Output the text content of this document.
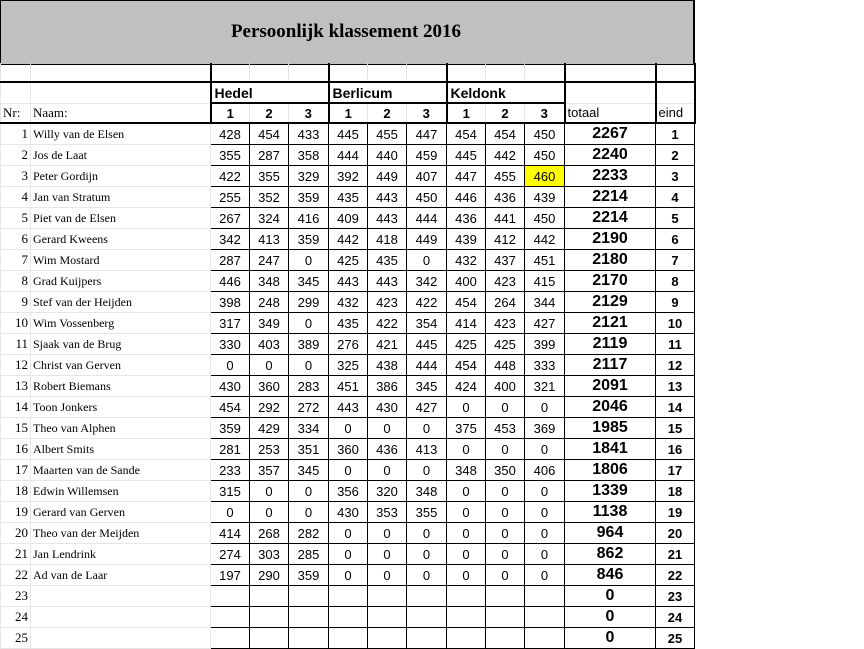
Persoonlijk klassement 2016

		Hedel			Berlicum			Keldonk				
Nr:	Naam:	1	2	3	1	2	3	1	2	3	totaal	eind
1	Willy van de Elsen	428	454	433	445	455	447	454	454	450	2267	1
2	Jos de Laat	355	287	358	444	440	459	445	442	450	2240	2
3	Peter Gordijn	422	355	329	392	449	407	447	455	460	2233	3
4	Jan van Stratum	255	352	359	435	443	450	446	436	439	2214	4
5	Piet van de Elsen	267	324	416	409	443	444	436	441	450	2214	5
6	Gerard Kweens	342	413	359	442	418	449	439	412	442	2190	6
7	Wim Mostard	287	247	0	425	435	0	432	437	451	2180	7
8	Grad Kuijpers	446	348	345	443	443	342	400	423	415	2170	8
9	Stef van der Heijden	398	248	299	432	423	422	454	264	344	2129	9
10	Wim Vossenberg	317	349	0	435	422	354	414	423	427	2121	10
11	Sjaak van de Brug	330	403	389	276	421	445	425	425	399	2119	11
12	Christ van Gerven	0	0	0	325	438	444	454	448	333	2117	12
13	Robert Biemans	430	360	283	451	386	345	424	400	321	2091	13
14	Toon Jonkers	454	292	272	443	430	427	0	0	0	2046	14
15	Theo van Alphen	359	429	334	0	0	0	375	453	369	1985	15
16	Albert Smits	281	253	351	360	436	413	0	0	0	1841	16
17	Maarten van de Sande	233	357	345	0	0	0	348	350	406	1806	17
18	Edwin Willemsen	315	0	0	356	320	348	0	0	0	1339	18
19	Gerard van Gerven	0	0	0	430	353	355	0	0	0	1138	19
20	Theo van der Meijden	414	268	282	0	0	0	0	0	0	964	20
21	Jan Lendrink	274	303	285	0	0	0	0	0	0	862	21
22	Ad van de Laar	197	290	359	0	0	0	0	0	0	846	22
23											0	23
24											0	24
25											0	25
